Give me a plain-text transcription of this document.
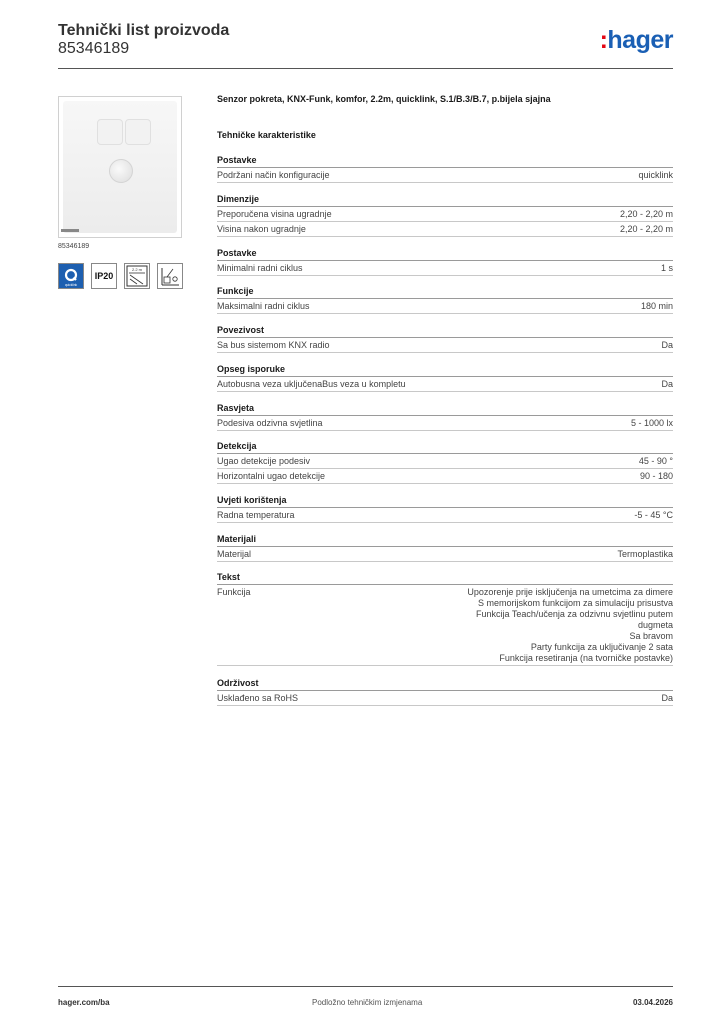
Tehnički list proizvoda
85346189	:hager
85346189
quicklink
IP20
2.2 m
Senzor pokreta, KNX-Funk, komfor, 2.2m, quicklink, S.1/B.3/B.7, p.bijela sjajna
Tehničke karakteristike
Postavke
Podržani način konfiguracije	quicklink
Dimenzije
Preporučena visina ugradnje	2,20 - 2,20 m
Visina nakon ugradnje	2,20 - 2,20 m
Postavke
Minimalni radni ciklus	1 s
Funkcije
Maksimalni radni ciklus	180 min
Povezivost
Sa bus sistemom KNX radio	Da
Opseg isporuke
Autobusna veza uključenaBus veza u kompletu	Da
Rasvjeta
Podesiva odzivna svjetlina	5 - 1000 lx
Detekcija
Ugao detekcije podesiv	45 - 90 °
Horizontalni ugao detekcije	90 - 180
Uvjeti korištenja
Radna temperatura	-5 - 45 °C
Materijali
Materijal	Termoplastika
Tekst
Funkcija	Upozorenje prije isključenja na umetcima za dimere
S memorijskom funkcijom za simulaciju prisustva
Funkcija Teach/učenja za odzivnu svjetlinu putem
dugmeta
Sa bravom
Party funkcija za uključivanje 2 sata
Funkcija resetiranja (na tvorničke postavke)
Održivost
Usklađeno sa RoHS	Da
hager.com/ba	Podložno tehničkim izmjenama	03.04.2026
